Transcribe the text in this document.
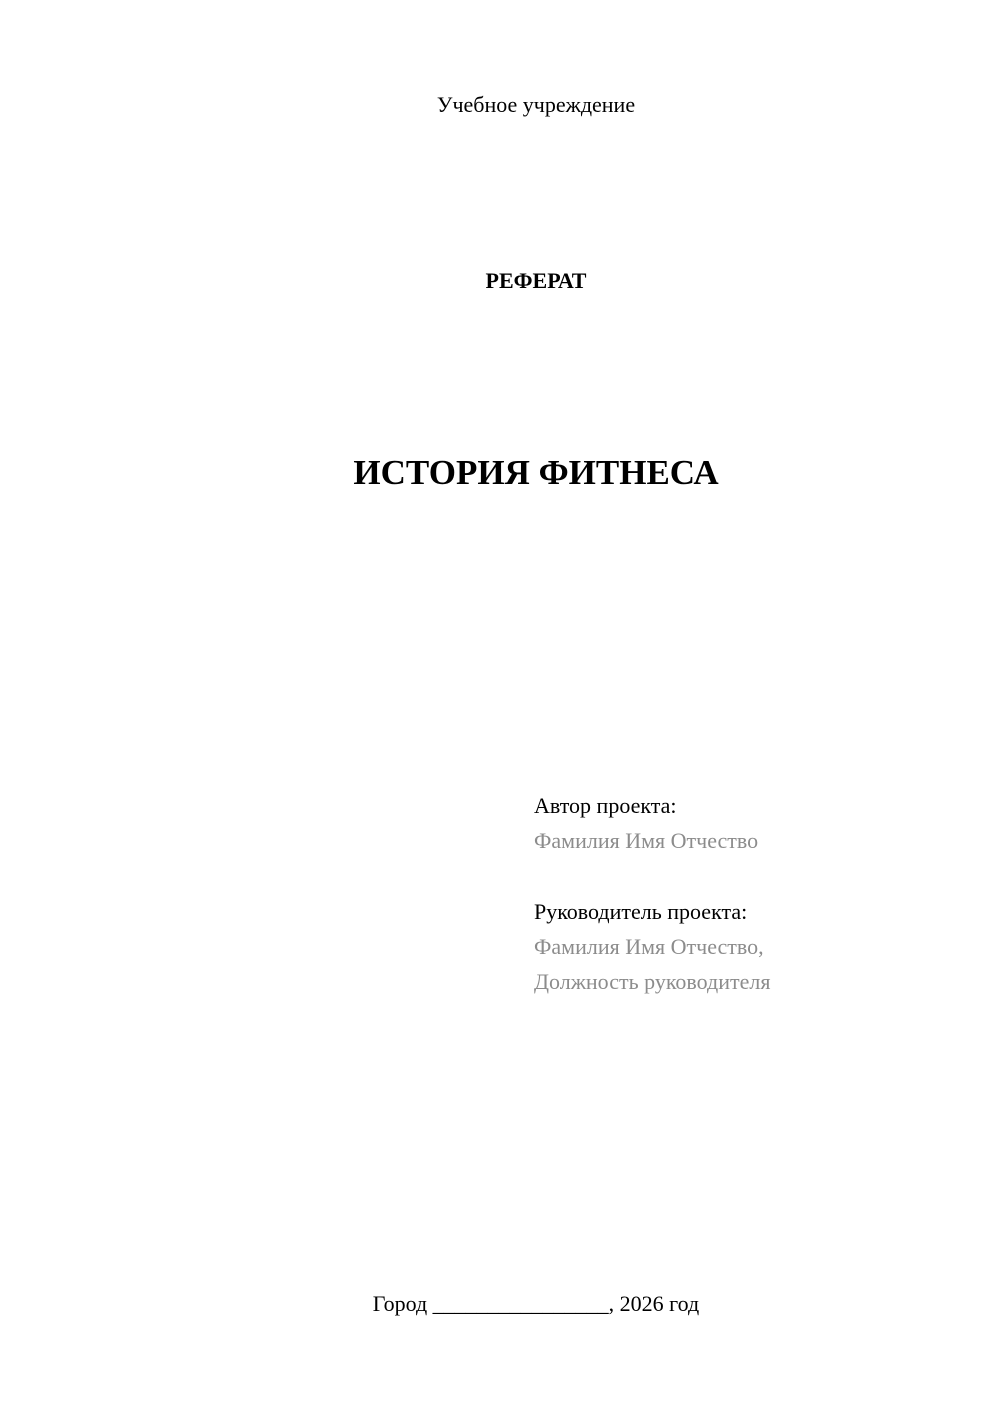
Учебное учреждение
РЕФЕРАТ
ИСТОРИЯ ФИТНЕСА
Автор проекта:
Фамилия Имя Отчество
Руководитель проекта:
Фамилия Имя Отчество,
Должность руководителя
Город ________________, 2026 год
